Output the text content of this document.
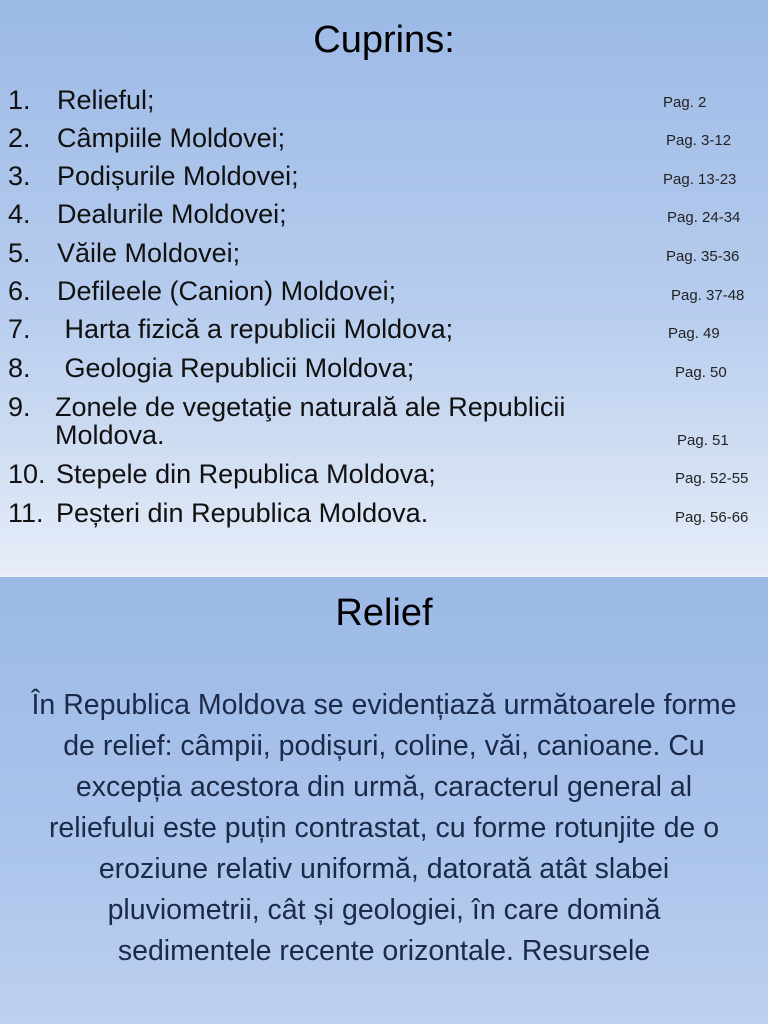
Cuprins:
1. Relieful;	Pag. 2
2. Câmpiile Moldovei;	Pag. 3-12
3. Podișurile Moldovei;	Pag. 13-23
4. Dealurile Moldovei;	Pag. 24-34
5. Văile Moldovei;	Pag. 35-36
6. Defileele (Canion) Moldovei;	Pag. 37-48
7. Harta fizică a republicii Moldova;	Pag. 49
8. Geologia Republicii Moldova;	Pag. 50
9. Zonele de vegetaţie naturală ale Republicii
Moldova.	Pag. 51
10. Stepele din Republica Moldova;	Pag. 52-55
11. Peșteri din Republica Moldova.	Pag. 56-66
Relief

În Republica Moldova se evidențiază următoarele forme de relief: câmpii, podișuri, coline, văi, canioane. Cu excepția acestora din urmă, caracterul general al reliefului este puțin contrastat, cu forme rotunjite de o eroziune relativ uniformă, datorată atât slabei pluviometrii, cât și geologiei, în care domină sedimentele recente orizontale. Resursele
